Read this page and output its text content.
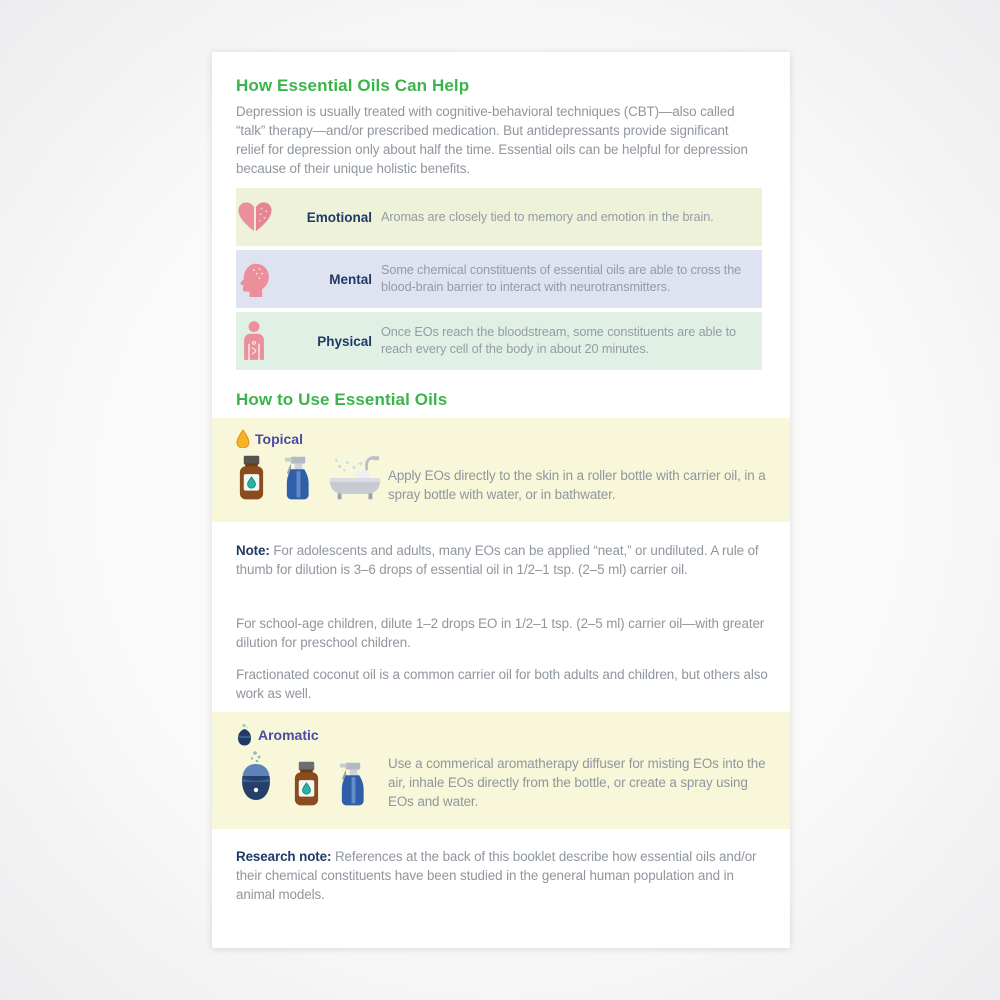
How Essential Oils Can Help

Depression is usually treated with cognitive-behavioral techniques (CBT)—also called “talk” therapy—and/or prescribed medication. But antidepressants provide significant relief for depression only about half the time. Essential oils can be helpful for depression because of their unique holistic benefits.

Emotional Aromas are closely tied to memory and emotion in the brain.
Mental
Some chemical constituents of essential oils are able to cross the blood-brain barrier to interact with neurotransmitters.
Physical
Once EOs reach the bloodstream, some constituents are able to reach every cell of the body in about 20 minutes.
How to Use Essential Oils
Topical

Apply EOs directly to the skin in a roller bottle with carrier oil, in a spray bottle with water, or in bathwater.

Note: For adolescents and adults, many EOs can be applied “neat,” or undiluted. A rule of thumb for dilution is 3–6 drops of essential oil in 1/2–1 tsp. (2–5 ml) carrier oil.

For school-age children, dilute 1–2 drops EO in 1/2–1 tsp. (2–5 ml) carrier oil—with greater dilution for preschool children.

Fractionated coconut oil is a common carrier oil for both adults and children, but others also work as well.

Aromatic

Use a commerical aromatherapy diffuser for misting EOs into the air, inhale EOs directly from the bottle, or create a spray using EOs and water.

Research note: References at the back of this booklet describe how essential oils and/or their chemical constituents have been studied in the general human population and in animal models.
